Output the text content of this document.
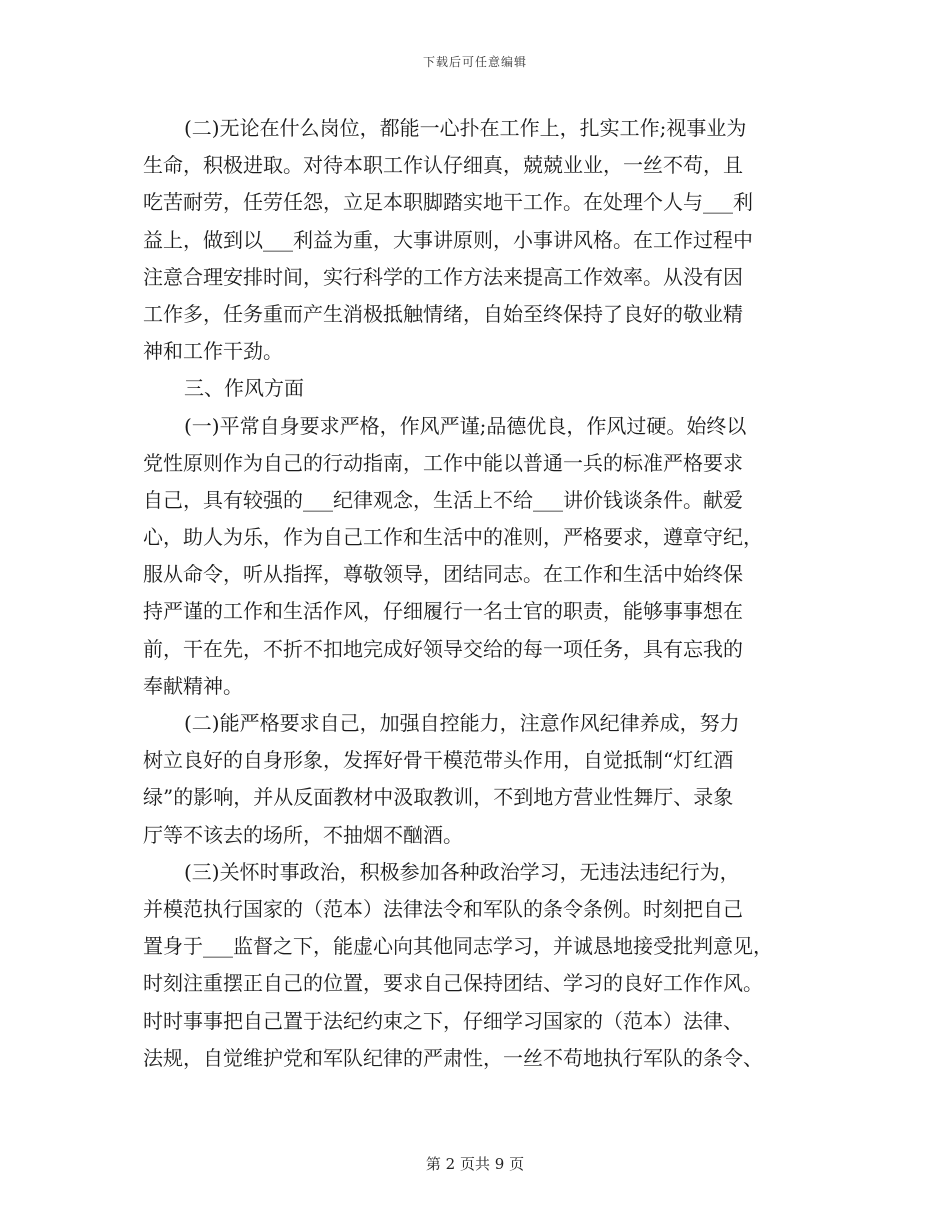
下载后可任意编辑
(二)无论在什么岗位，都能一心扑在工作上，扎实工作;视事业为
生命，积极进取。对待本职工作认仔细真，兢兢业业，一丝不苟，且
吃苦耐劳，任劳任怨，立足本职脚踏实地干工作。在处理个人与___利
益上，做到以___利益为重，大事讲原则，小事讲风格。在工作过程中
注意合理安排时间，实行科学的工作方法来提高工作效率。从没有因
工作多，任务重而产生消极抵触情绪，自始至终保持了良好的敬业精
神和工作干劲。
三、作风方面
(一)平常自身要求严格，作风严谨;品德优良，作风过硬。始终以
党性原则作为自己的行动指南，工作中能以普通一兵的标准严格要求
自己，具有较强的___纪律观念，生活上不给___讲价钱谈条件。献爱
心，助人为乐，作为自己工作和生活中的准则，严格要求，遵章守纪，
服从命令，听从指挥，尊敬领导，团结同志。在工作和生活中始终保
持严谨的工作和生活作风，仔细履行一名士官的职责，能够事事想在
前，干在先，不折不扣地完成好领导交给的每一项任务，具有忘我的
奉献精神。
(二)能严格要求自己，加强自控能力，注意作风纪律养成，努力
树立良好的自身形象，发挥好骨干模范带头作用，自觉抵制“灯红酒
绿”的影响，并从反面教材中汲取教训，不到地方营业性舞厅、录象
厅等不该去的场所，不抽烟不酗酒。
(三)关怀时事政治，积极参加各种政治学习，无违法违纪行为，
并模范执行国家的（范本）法律法令和军队的条令条例。时刻把自己
置身于___监督之下，能虚心向其他同志学习，并诚恳地接受批判意见，
时刻注重摆正自己的位置，要求自己保持团结、学习的良好工作作风。
时时事事把自己置于法纪约束之下，仔细学习国家的（范本）法律、
法规，自觉维护党和军队纪律的严肃性，一丝不苟地执行军队的条令、
第 2 页共 9 页
